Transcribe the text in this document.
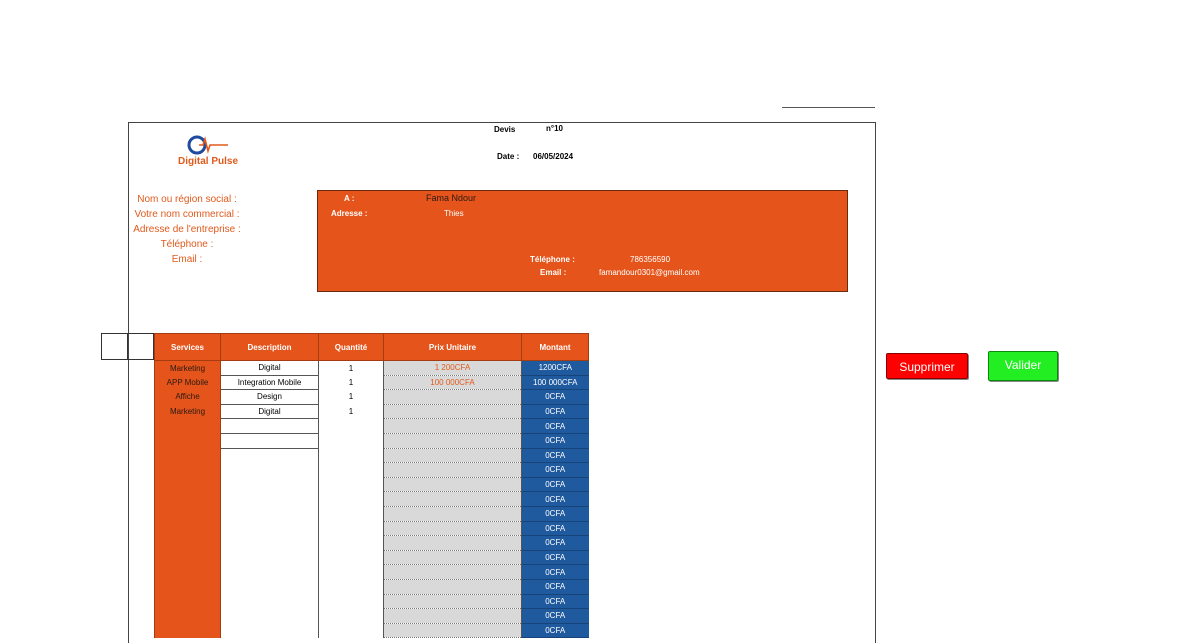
Digital Pulse
Devis	n°10
Date : 06/05/2024
Nom ou région social :
Votre nom commercial :
Adresse de l'entreprise :
Téléphone :
Email :
A :	Fama Ndour
Adresse :	Thies
Téléphone :	786356590
Email :	famandour0301@gmail.com
Services	Description	Quantité	Prix Unitaire	Montant
Marketing	Digital	1	1 200CFA	1200CFA
APP Mobile	Integration Mobile	1	100 000CFA	100 000CFA
Affiche	Design	1		0CFA
Marketing	Digital	1		0CFA
				0CFA
				0CFA
				0CFA
				0CFA
				0CFA
				0CFA
				0CFA
				0CFA
				0CFA
				0CFA
				0CFA
				0CFA
				0CFA
				0CFA
				0CFA
Supprimer	Valider
